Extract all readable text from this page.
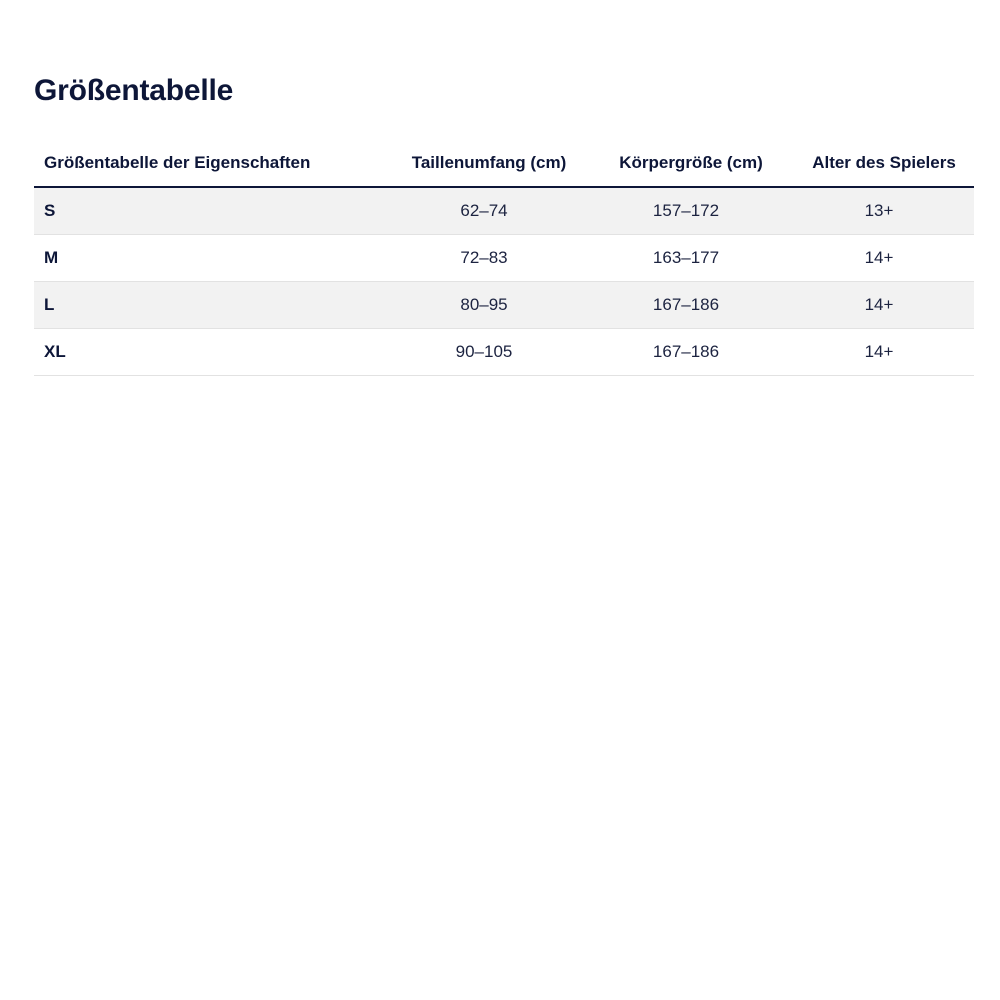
Größentabelle
Größentabelle der Eigenschaften	Taillenumfang (cm)	Körpergröße (cm)	Alter des Spielers
S	62–74	157–172	13+
M	72–83	163–177	14+
L	80–95	167–186	14+
XL	90–105	167–186	14+
